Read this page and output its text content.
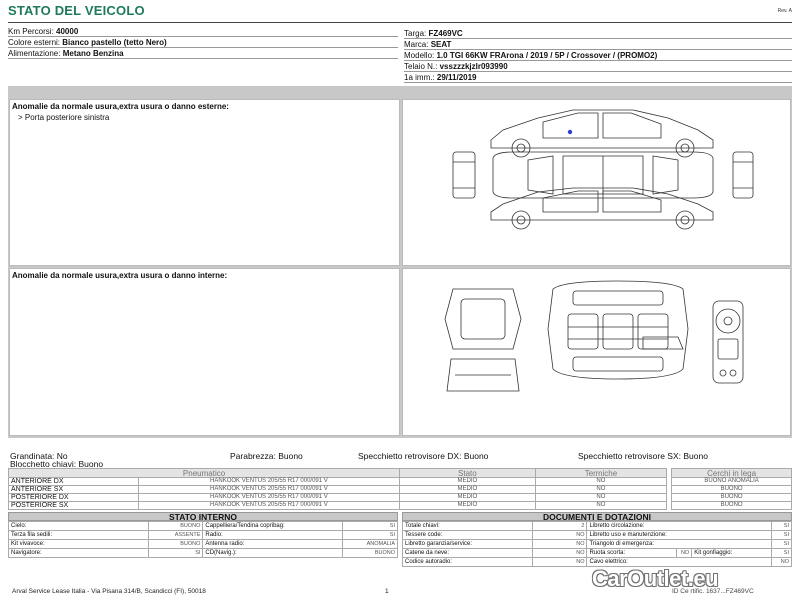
STATO DEL VEICOLO	Rev. A
Km Percorsi: 40000
Colore esterni: Bianco pastello (tetto Nero)
Alimentazione: Metano Benzina
Targa: FZ469VC
Marca: SEAT
Modello: 1.0 TGI 66KW FRArona / 2019 / 5P / Crossover / (PROMO2)
Telaio N.: vsszzzkjzlr093990
1a imm.: 29/11/2019
Anomalie da normale usura,extra usura o danno esterne:
> Porta posteriore sinistra
Anomalie da normale usura,extra usura o danno interne:
Grandinata: No	Parabrezza: Buono	Specchietto retrovisore DX: Buono	Specchietto retrovisore SX: Buono
Blocchetto chiavi: Buono
Pneumatico		Stato	Termiche		Cerchi in lega
ANTERIORE DX	HANKOOK VENTUS 205/55 R17 000/091 V	MEDIO	NO		BUONO ANOMALIA
ANTERIORE SX	HANKOOK VENTUS 205/55 R17 000/091 V	MEDIO	NO		BUONO
POSTERIORE DX	HANKOOK VENTUS 205/55 R17 000/091 V	MEDIO	NO		BUONO
POSTERIORE SX	HANKOOK VENTUS 205/55 R17 000/091 V	MEDIO	NO		BUONO
STATO INTERNO
Cielo:	BUONO	Cappelliera/Tendina copribag:	SI
Terza fila sedili:	ASSENTE	Radio:	SI
Kit vivavoce:	BUONO	Antenna radio:	ANOMALIA
Navigatore:	SI	CD(Navig.):	BUONO
DOCUMENTI E DOTAZIONI
Totale chiavi:	2	Libretto circolazione:			SI
Tessere code:	NO	Libretto uso e manutenzione:			SI
Libretto garanzia/service:	NO	Triangolo di emergenza:			SI
Catene da neve:	NO	Ruota scorta:	NO	Kit gonfiaggio:	SI
Codice autoradio:	NO	Cavo elettrico:			NO
Arval Service Lease Italia - Via Pisana 314/B, Scandicci (FI), 50018	1	ID Ce rtific. 1637...FZ469VC
CarOutlet.eu
